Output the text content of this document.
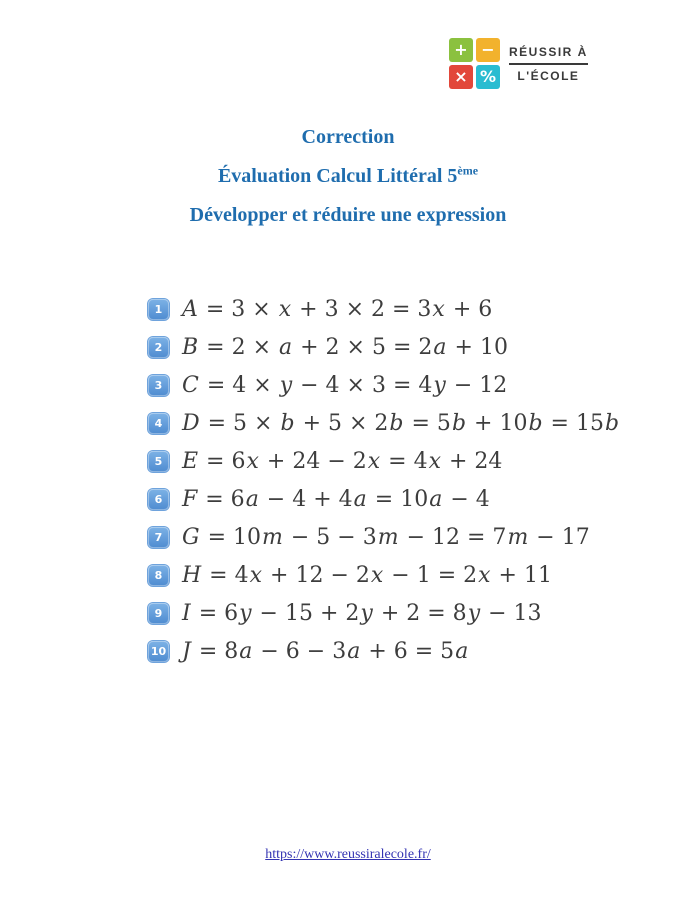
+ −
× %
RÉUSSIR À
L'ÉCOLE
Correction
Évaluation Calcul Littéral 5ème
Développer et réduire une expression
1 A = 3 × x + 3 × 2 = 3x + 6
2 B = 2 × a + 2 × 5 = 2a + 10
3 C = 4 × y − 4 × 3 = 4y − 12
4 D = 5 × b + 5 × 2b = 5b + 10b = 15b
5 E = 6x + 24 − 2x = 4x + 24
6 F = 6a − 4 + 4a = 10a − 4
7 G = 10m − 5 − 3m − 12 = 7m − 17
8 H = 4x + 12 − 2x − 1 = 2x + 11
9 I = 6y − 15 + 2y + 2 = 8y − 13
10 J = 8a − 6 − 3a + 6 = 5a
https://www.reussiralecole.fr/
